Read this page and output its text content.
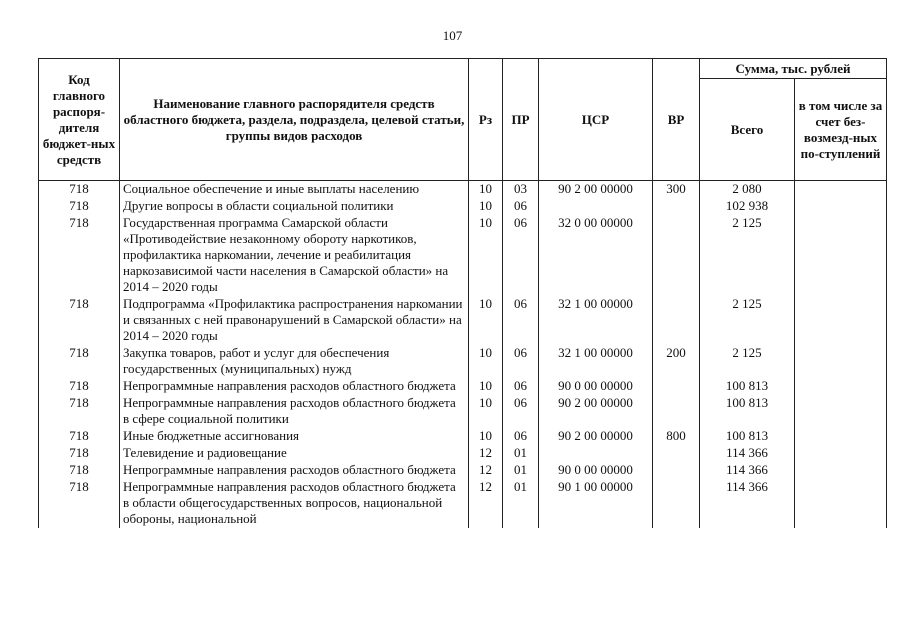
107
Код главного распоря-дителя бюджет-ных средств	Наименование главного распорядителя средств областного бюджета, раздела, подраздела, целевой статьи, группы видов расходов	Рз	ПР	ЦСР	ВР	Сумма, тыс. рублей	
						Всего	в том числе за счет без-возмезд-ных по-ступлений
718	Социальное обеспечение и иные выплаты населению	10	03	90 2 00 00000	300	2 080	
718	Другие вопросы в области социальной политики	10	06			102 938	
718	Государственная программа Самарской области «Противодействие незаконному обороту наркотиков, профилактика наркомании, лечение и реабилитация наркозависимой части населения в Самарской области» на 2014 – 2020 годы	10	06	32 0 00 00000		2 125	
718	Подпрограмма «Профилактика распространения наркомании и связанных с ней правонарушений в Самарской области» на 2014 – 2020 годы	10	06	32 1 00 00000		2 125	
718	Закупка товаров, работ и услуг для обеспечения государственных (муниципальных) нужд	10	06	32 1 00 00000	200	2 125	
718	Непрограммные направления расходов областного бюджета	10	06	90 0 00 00000		100 813	
718	Непрограммные направления расходов областного бюджета в сфере социальной политики	10	06	90 2 00 00000		100 813	
718	Иные бюджетные ассигнования	10	06	90 2 00 00000	800	100 813	
718	Телевидение и радиовещание	12	01			114 366	
718	Непрограммные направления расходов областного бюджета	12	01	90 0 00 00000		114 366	
718	Непрограммные направления расходов областного бюджета в области общегосударственных вопросов, национальной обороны, национальной	12	01	90 1 00 00000		114 366	
